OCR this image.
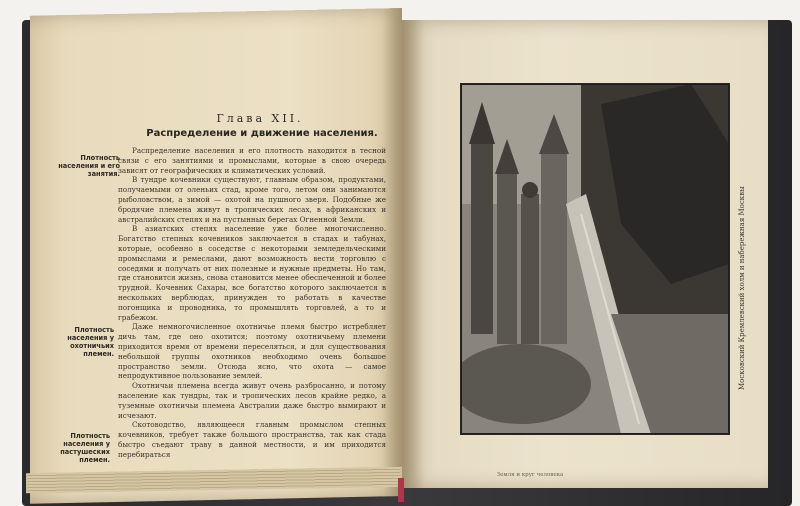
Глава XII.
Распределение и движение населения.

Распределение населения и его плотность находится в тесной связи с его занятиями и промыслами, которые в свою очередь зависят от географических и климатических условий.

В тундре кочевники существуют, главным образом, продуктами, получаемыми от оленьих стад, кроме того, летом они занимаются рыболовством, а зимой — охотой на пушного зверя. Подобные же бродячие племена живут в тропических лесах, в африканских и австралийских степях и на пустынных берегах Огненной Земли.

В азиатских степях население уже более многочисленно. Богатство степных кочевников заключается в стадах и табунах, которые, особенно в соседстве с некоторыми земледельческими промыслами и ремеслами, дают возможность вести торговлю с соседями и получать от них полезные и нужные предметы. Но там, где становится жизнь, снова становится менее обеспеченной и более трудной. Кочевник Сахары, все богатство которого заключается в нескольких верблюдах, принужден то работать в качестве погонщика и проводника, то промышлять торговлей, а то и грабежом.

Даже немногочисленное охотничье племя быстро истребляет дичь там, где оно охотится; поэтому охотничьему племени приходится время от времени переселяться, и для существования небольшой группы охотников необходимо очень большое пространство земли. Отсюда ясно, что охота — самое непродуктивное пользование землей.

Охотничьи племена всегда живут очень разбросанно, и потому население как тундры, так и тропических лесов крайне редко, а туземные охотничьи племена Австралии даже быстро вымирают и исчезают.

Скотоводство, являющееся главным промыслом степных кочевников, требует также большого пространства, так как стада быстро съедают траву в данной местности, и им приходится перебираться

Плотность населения и его занятия.
Плотность населения у охотничьих племен.
Плотность населения у пастушеских племен.
Московский Кремлевский холм и набережная Москвы
Земля и круг человека
